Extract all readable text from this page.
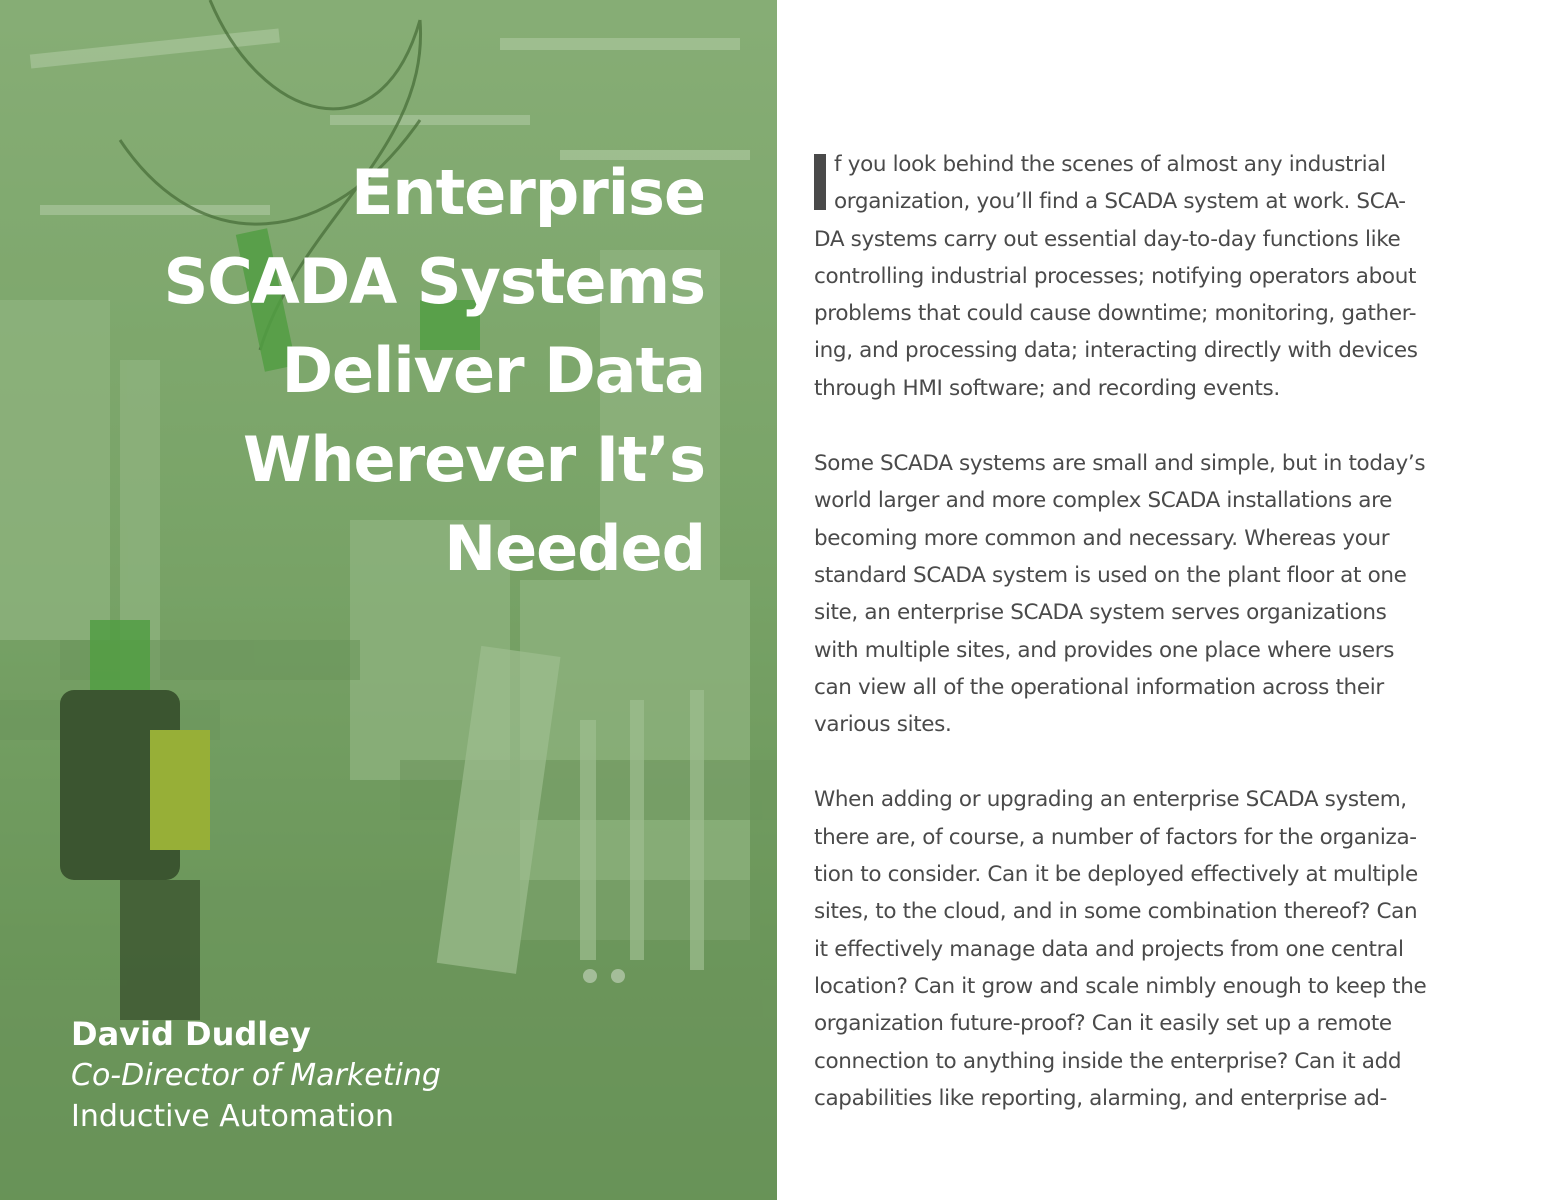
Enterprise
SCADA Systems
Deliver Data
Wherever It’s
Needed
David Dudley
Co-Director of Marketing
Inductive Automation

f you look behind the scenes of almost any industrial
organization, you’ll find a SCADA system at work. SCA-
DA systems carry out essential day-to-day functions like
controlling industrial processes; notifying operators about
problems that could cause downtime; monitoring, gather-
ing, and processing data; interacting directly with devices
through HMI software; and recording events.

Some SCADA systems are small and simple, but in today’s
world larger and more complex SCADA installations are
becoming more common and necessary. Whereas your
standard SCADA system is used on the plant floor at one
site, an enterprise SCADA system serves organizations
with multiple sites, and provides one place where users
can view all of the operational information across their
various sites.

When adding or upgrading an enterprise SCADA system,
there are, of course, a number of factors for the organiza-
tion to consider. Can it be deployed effectively at multiple
sites, to the cloud, and in some combination thereof? Can
it effectively manage data and projects from one central
location? Can it grow and scale nimbly enough to keep the
organization future-proof? Can it easily set up a remote
connection to anything inside the enterprise? Can it add
capabilities like reporting, alarming, and enterprise ad-
